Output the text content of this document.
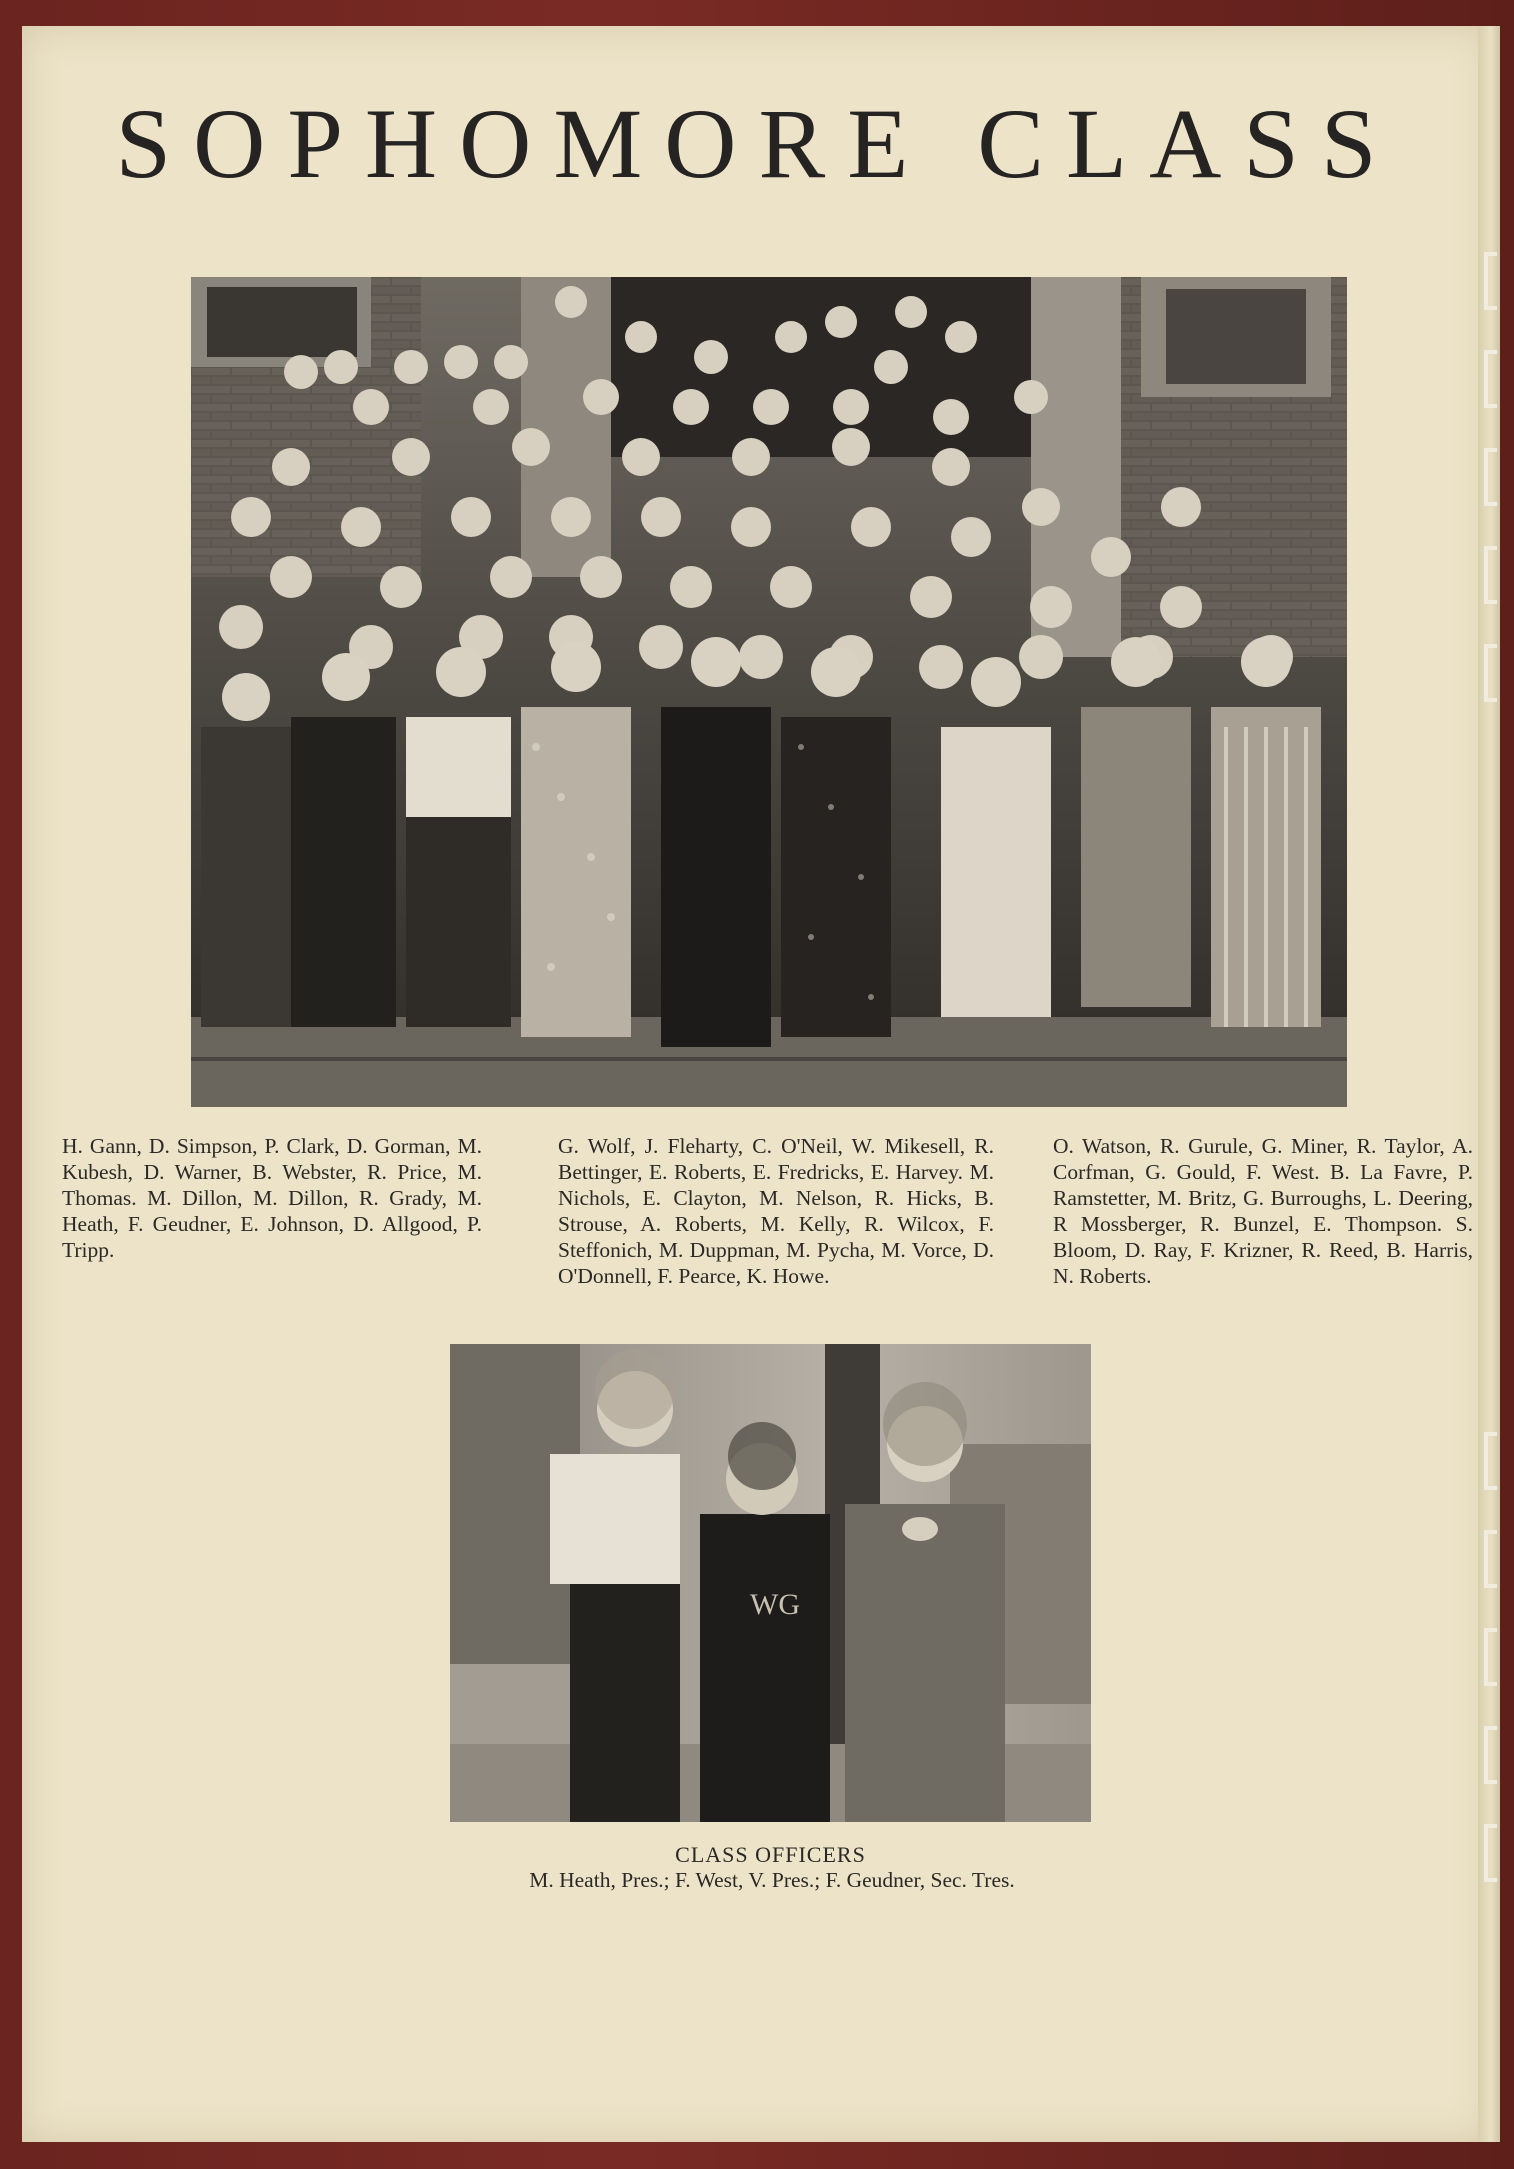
SOPHOMORE CLASS

H. Gann, D. Simpson, P. Clark, D. Gorman, M. Kubesh, D. Warner, B. Webster, R. Price, M. Thomas. M. Dillon, M. Dillon, R. Grady, M. Heath, F. Geudner, E. Johnson, D. Allgood, P. Tripp.

G. Wolf, J. Fleharty, C. O'Neil, W. Mikesell, R. Bettinger, E. Roberts, E. Fredricks, E. Harvey. M. Nichols, E. Clayton, M. Nelson, R. Hicks, B. Strouse, A. Roberts, M. Kelly, R. Wilcox, F. Steffonich, M. Duppman, M. Pycha, M. Vorce, D. O'Donnell, F. Pearce, K. Howe.

O. Watson, R. Gurule, G. Miner, R. Taylor, A. Corfman, G. Gould, F. West. B. La Favre, P. Ramstetter, M. Britz, G. Burroughs, L. Deering, R Mossberger, R. Bunzel, E. Thompson. S. Bloom, D. Ray, F. Krizner, R. Reed, B. Harris, N. Roberts.

WG

CLASS OFFICERS

M. Heath, Pres.; F. West, V. Pres.; F. Geudner, Sec. Tres.
